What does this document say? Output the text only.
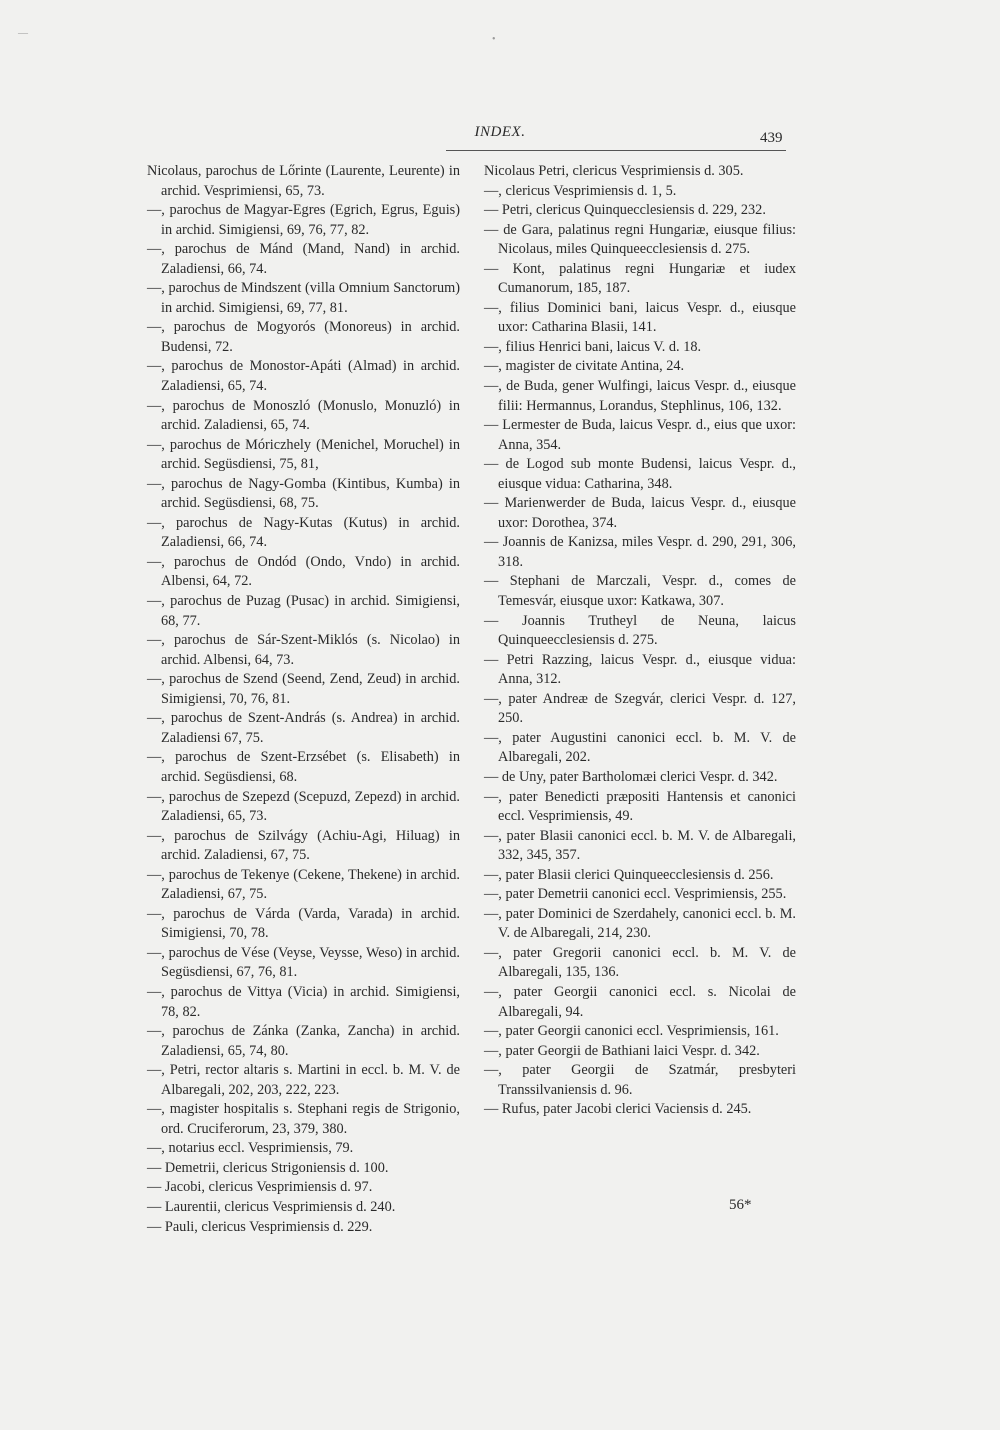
INDEX.	439
Nicolaus, parochus de Lőrinte (Laurente, Leurente) in archid. Vesprimiensi, 65, 73.
—, parochus de Magyar-Egres (Egrich, Egrus, Eguis) in archid. Simigiensi, 69, 76, 77, 82.
—, parochus de Mánd (Mand, Nand) in archid. Zaladiensi, 66, 74.
—, parochus de Mindszent (villa Omnium Sanctorum) in archid. Simigiensi, 69, 77, 81.
—, parochus de Mogyorós (Monoreus) in archid. Budensi, 72.
—, parochus de Monostor-Apáti (Almad) in archid. Zaladiensi, 65, 74.
—, parochus de Monoszló (Monuslo, Monuzló) in archid. Zaladiensi, 65, 74.
—, parochus de Móriczhely (Menichel, Moruchel) in archid. Següsdiensi, 75, 81,
—, parochus de Nagy-Gomba (Kintibus, Kumba) in archid. Següsdiensi, 68, 75.
—, parochus de Nagy-Kutas (Kutus) in archid. Zaladiensi, 66, 74.
—, parochus de Ondód (Ondo, Vndo) in archid. Albensi, 64, 72.
—, parochus de Puzag (Pusac) in archid. Simigiensi, 68, 77.
—, parochus de Sár-Szent-Miklós (s. Nicolao) in archid. Albensi, 64, 73.
—, parochus de Szend (Seend, Zend, Zeud) in archid. Simigiensi, 70, 76, 81.
—, parochus de Szent-András (s. Andrea) in archid. Zaladiensi 67, 75.
—, parochus de Szent-Erzsébet (s. Elisabeth) in archid. Següsdiensi, 68.
—, parochus de Szepezd (Scepuzd, Zepezd) in archid. Zaladiensi, 65, 73.
—, parochus de Szilvágy (Achiu-Agi, Hiluag) in archid. Zaladiensi, 67, 75.
—, parochus de Tekenye (Cekene, Thekene) in archid. Zaladiensi, 67, 75.
—, parochus de Várda (Varda, Varada) in archid. Simigiensi, 70, 78.
—, parochus de Vése (Veyse, Veysse, Weso) in archid. Següsdiensi, 67, 76, 81.
—, parochus de Vittya (Vicia) in archid. Simigiensi, 78, 82.
—, parochus de Zánka (Zanka, Zancha) in archid. Zaladiensi, 65, 74, 80.
—, Petri, rector altaris s. Martini in eccl. b. M. V. de Albaregali, 202, 203, 222, 223.
—, magister hospitalis s. Stephani regis de Strigonio, ord. Cruciferorum, 23, 379, 380.
—, notarius eccl. Vesprimiensis, 79.
— Demetrii, clericus Strigoniensis d. 100.
— Jacobi, clericus Vesprimiensis d. 97.
— Laurentii, clericus Vesprimiensis d. 240.
— Pauli, clericus Vesprimiensis d. 229.
Nicolaus Petri, clericus Vesprimiensis d. 305.
—, clericus Vesprimiensis d. 1, 5.
— Petri, clericus Quinquecclesiensis d. 229, 232.
— de Gara, palatinus regni Hungariæ, eiusque filius: Nicolaus, miles Quinqueecclesiensis d. 275.
— Kont, palatinus regni Hungariæ et iudex Cumanorum, 185, 187.
—, filius Dominici bani, laicus Vespr. d., eiusque uxor: Catharina Blasii, 141.
—, filius Henrici bani, laicus V. d. 18.
—, magister de civitate Antina, 24.
—, de Buda, gener Wulfingi, laicus Vespr. d., eiusque filii: Hermannus, Lorandus, Stephlinus, 106, 132.
— Lermester de Buda, laicus Vespr. d., eius que uxor: Anna, 354.
— de Logod sub monte Budensi, laicus Vespr. d., eiusque vidua: Catharina, 348.
— Marienwerder de Buda, laicus Vespr. d., eiusque uxor: Dorothea, 374.
— Joannis de Kanizsa, miles Vespr. d. 290, 291, 306, 318.
— Stephani de Marczali, Vespr. d., comes de Temesvár, eiusque uxor: Katkawa, 307.
— Joannis Trutheyl de Neuna, laicus Quinqueecclesiensis d. 275.
— Petri Razzing, laicus Vespr. d., eiusque vidua: Anna, 312.
—, pater Andreæ de Szegvár, clerici Vespr. d. 127, 250.
—, pater Augustini canonici eccl. b. M. V. de Albaregali, 202.
— de Uny, pater Bartholomæi clerici Vespr. d. 342.
—, pater Benedicti præpositi Hantensis et canonici eccl. Vesprimiensis, 49.
—, pater Blasii canonici eccl. b. M. V. de Albaregali, 332, 345, 357.
—, pater Blasii clerici Quinqueecclesiensis d. 256.
—, pater Demetrii canonici eccl. Vesprimiensis, 255.
—, pater Dominici de Szerdahely, canonici eccl. b. M. V. de Albaregali, 214, 230.
—, pater Gregorii canonici eccl. b. M. V. de Albaregali, 135, 136.
—, pater Georgii canonici eccl. s. Nicolai de Albaregali, 94.
—, pater Georgii canonici eccl. Vesprimiensis, 161.
—, pater Georgii de Bathiani laici Vespr. d. 342.
—, pater Georgii de Szatmár, presbyteri Transsilvaniensis d. 96.
— Rufus, pater Jacobi clerici Vaciensis d. 245.
56*
—
•
